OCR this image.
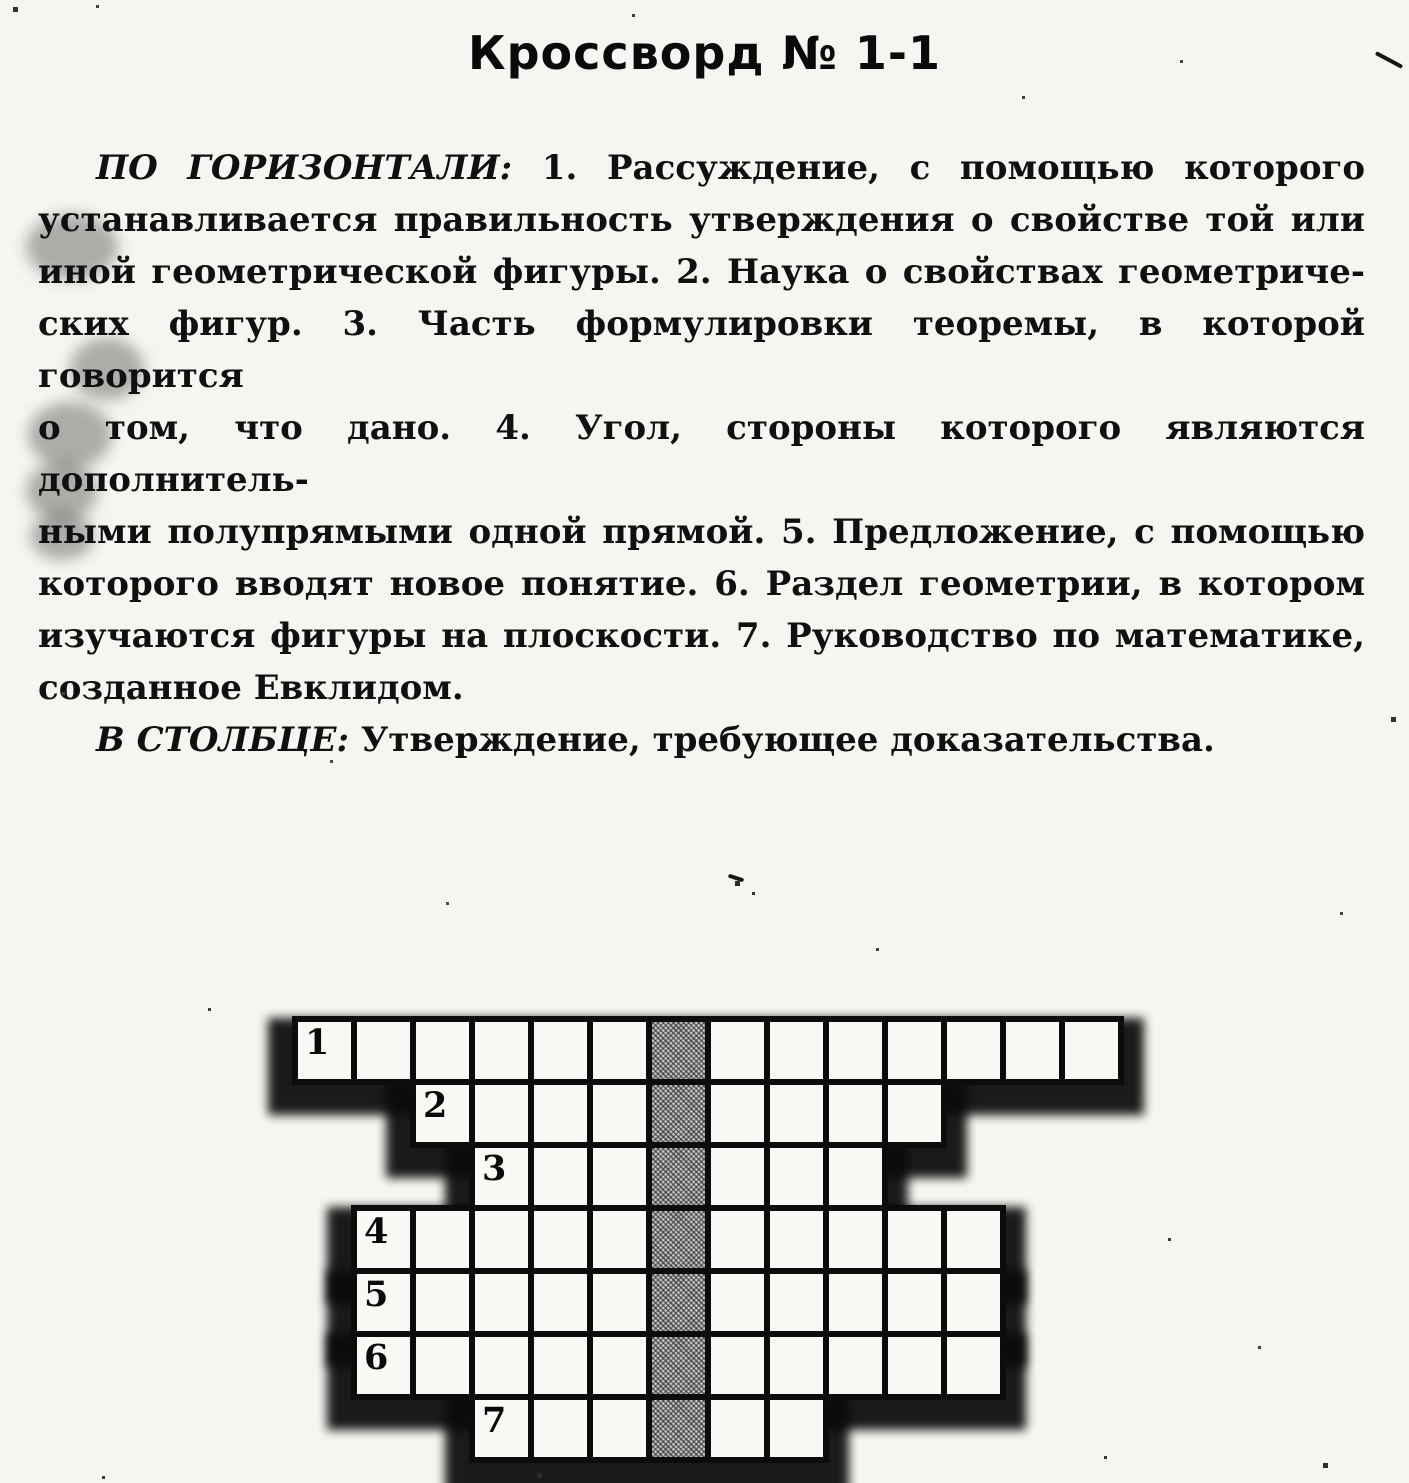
Кроссворд № 1-1
ПО ГОРИЗОНТАЛИ: 1. Рассуждение, с помощью которого
устанавливается правильность утверждения о свойстве той или
иной геометрической фигуры. 2. Наука о свойствах геометриче-
ских фигур. 3. Часть формулировки теоремы, в которой говорится
о том, что дано. 4. Угол, стороны которого являются дополнитель-
ными полупрямыми одной прямой. 5. Предложение, с помощью
которого вводят новое понятие. 6. Раздел геометрии, в котором
изучаются фигуры на плоскости. 7. Руководство по математике,
созданное Евклидом.
В СТОЛБЦЕ: Утверждение, требующее доказательства.
1
2
3
4
5
6
7
